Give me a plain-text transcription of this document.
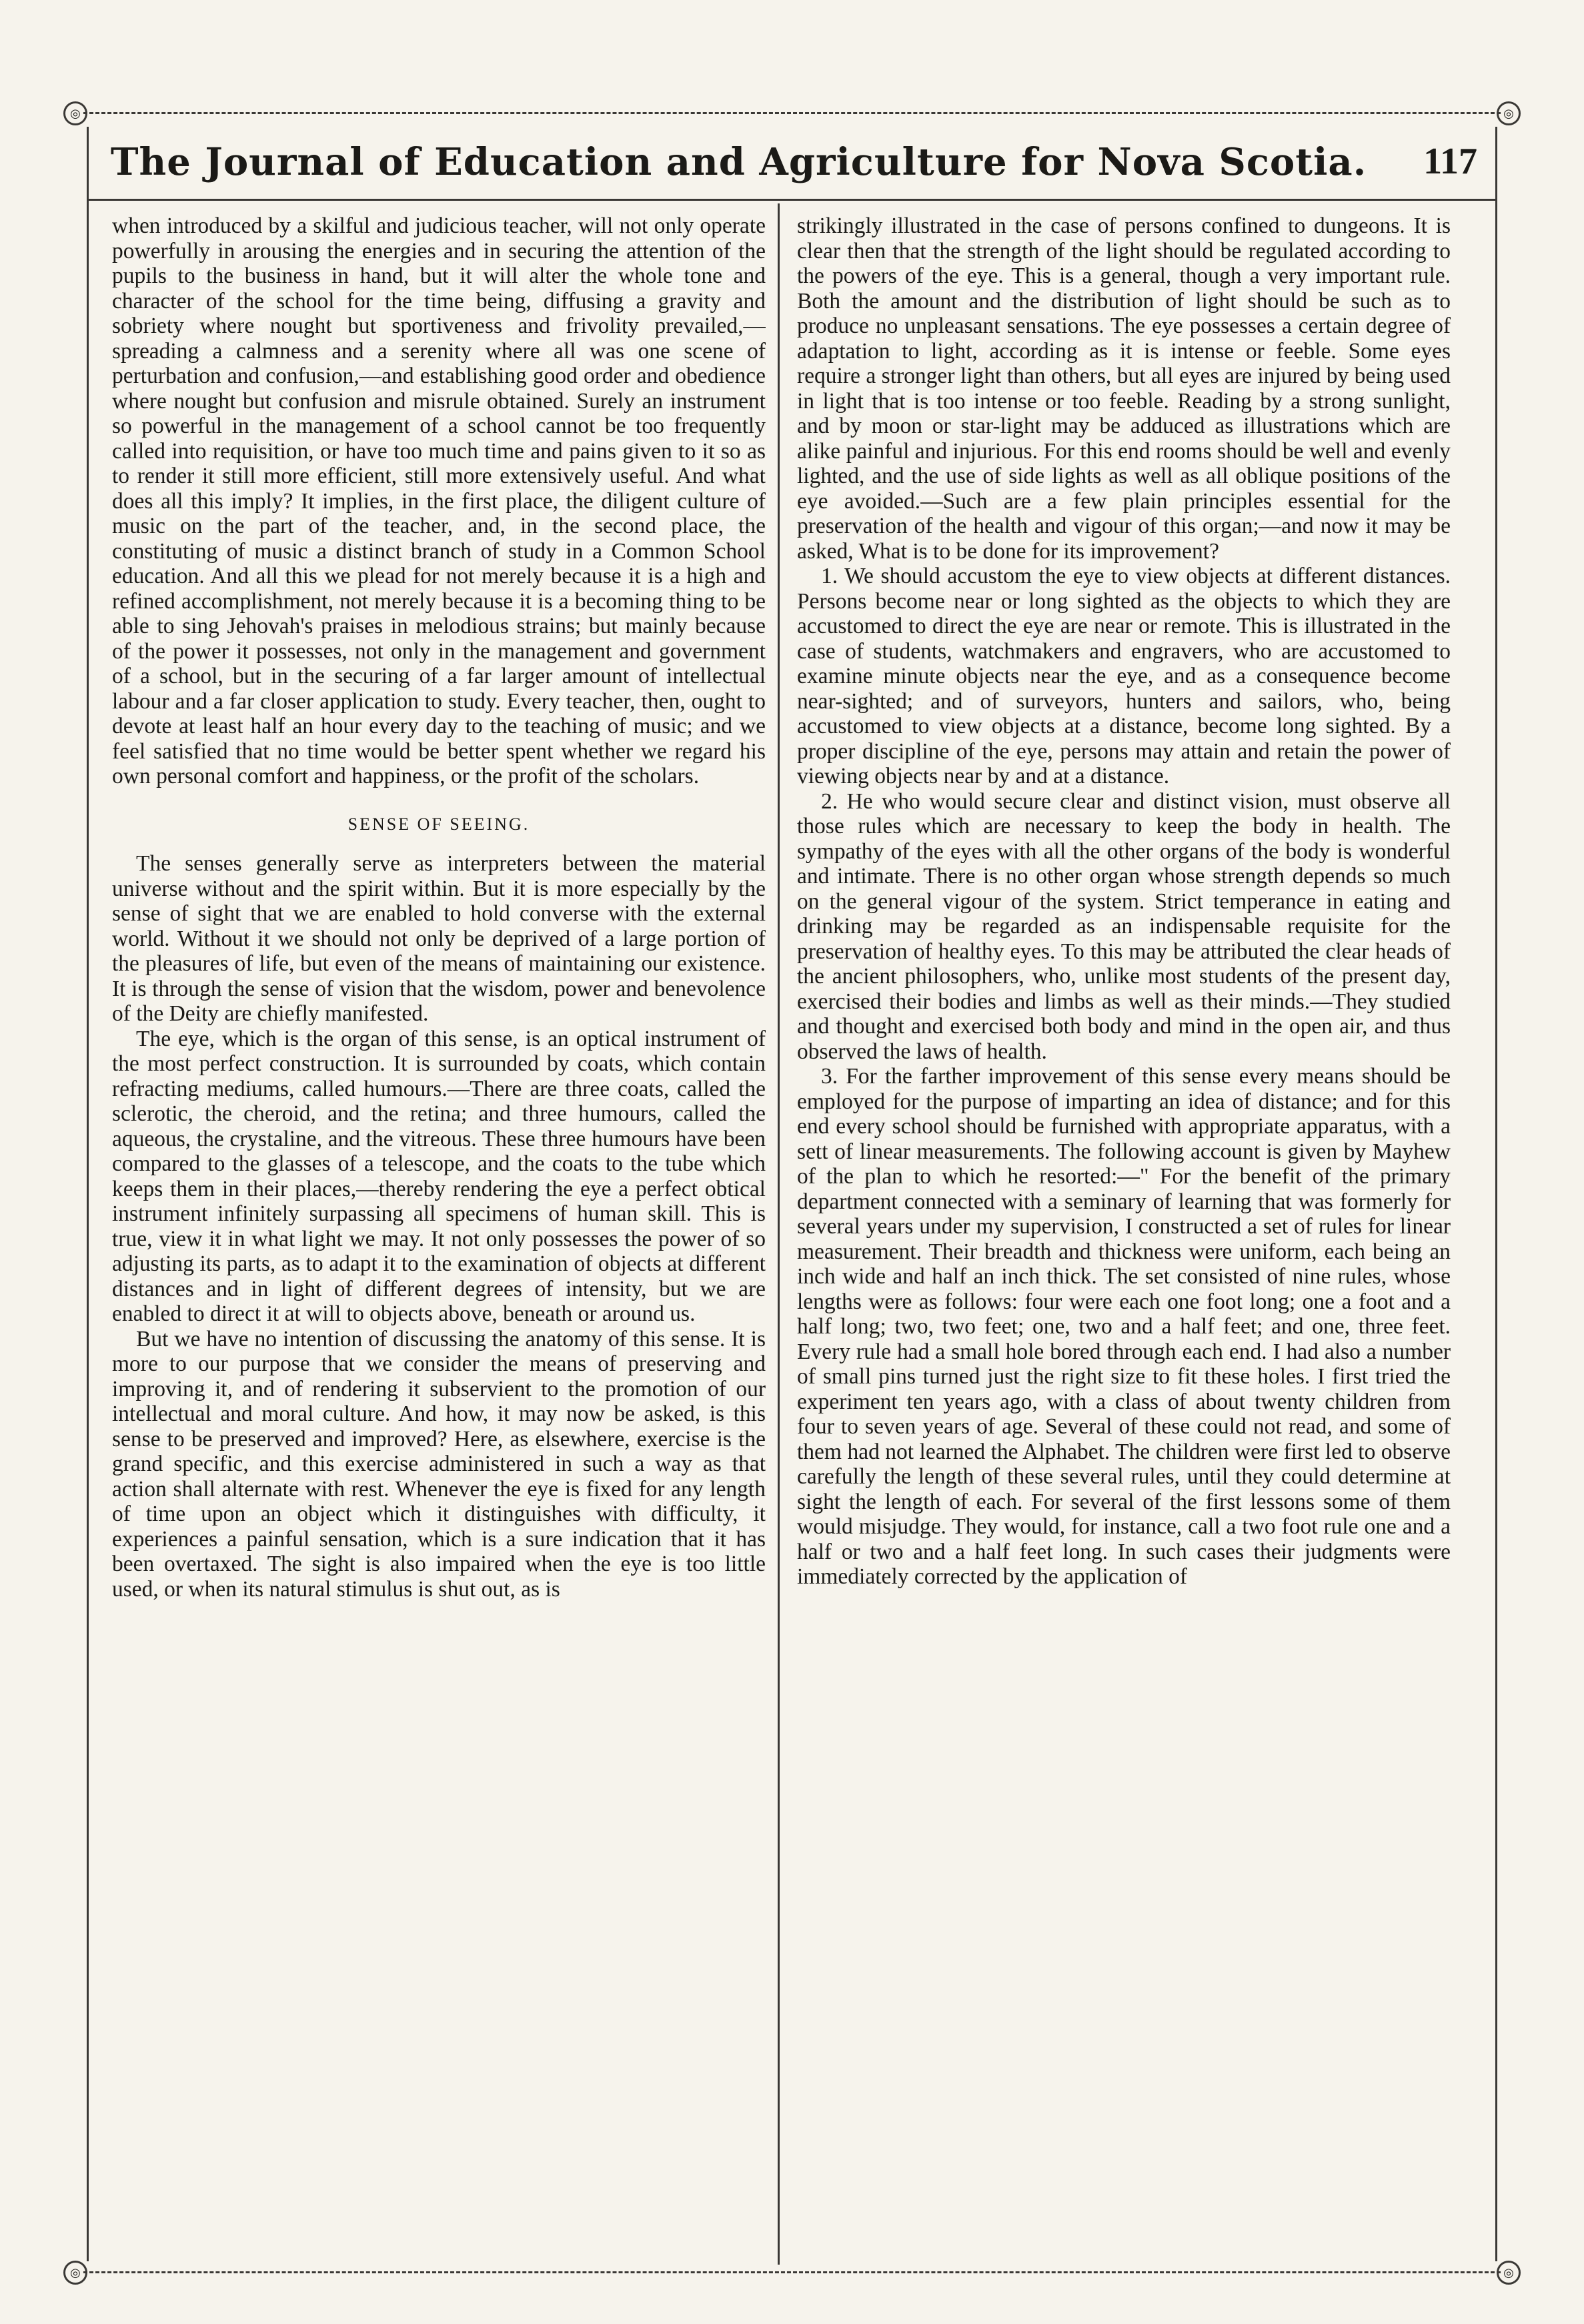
◎	◎
◎	◎
The Journal of Education and Agriculture for Nova Scotia.	117

when introduced by a skilful and judicious teacher, will not only operate powerfully in arousing the energies and in securing the attention of the pupils to the business in hand, but it will alter the whole tone and character of the school for the time being, diffusing a gravity and sobriety where nought but sportiveness and frivolity prevailed,—spreading a calmness and a serenity where all was one scene of perturbation and confusion,—and establishing good order and obedience where nought but confusion and misrule obtained. Surely an instrument so powerful in the management of a school cannot be too frequently called into requisition, or have too much time and pains given to it so as to render it still more efficient, still more extensively useful. And what does all this imply? It implies, in the first place, the diligent culture of music on the part of the teacher, and, in the second place, the constituting of music a distinct branch of study in a Common School education. And all this we plead for not merely because it is a high and refined accomplishment, not merely because it is a becoming thing to be able to sing Jehovah's praises in melodious strains; but mainly because of the power it possesses, not only in the management and government of a school, but in the securing of a far larger amount of intellectual labour and a far closer application to study. Every teacher, then, ought to devote at least half an hour every day to the teaching of music; and we feel satisfied that no time would be better spent whether we regard his own personal comfort and happiness, or the profit of the scholars.

SENSE OF SEEING.

The senses generally serve as interpreters between the material universe without and the spirit within. But it is more especially by the sense of sight that we are enabled to hold converse with the external world. Without it we should not only be deprived of a large portion of the pleasures of life, but even of the means of maintaining our existence. It is through the sense of vision that the wisdom, power and benevolence of the Deity are chiefly manifested.

The eye, which is the organ of this sense, is an optical instrument of the most perfect construction. It is surrounded by coats, which contain refracting mediums, called humours.—There are three coats, called the sclerotic, the cheroid, and the retina; and three humours, called the aqueous, the crystaline, and the vitreous. These three humours have been compared to the glasses of a telescope, and the coats to the tube which keeps them in their places,—thereby rendering the eye a perfect obtical instrument infinitely surpassing all specimens of human skill. This is true, view it in what light we may. It not only possesses the power of so adjusting its parts, as to adapt it to the examination of objects at different distances and in light of different degrees of intensity, but we are enabled to direct it at will to objects above, beneath or around us.

But we have no intention of discussing the anatomy of this sense. It is more to our purpose that we consider the means of preserving and improving it, and of rendering it subservient to the promotion of our intellectual and moral culture. And how, it may now be asked, is this sense to be preserved and improved? Here, as elsewhere, exercise is the grand specific, and this exercise administered in such a way as that action shall alternate with rest. Whenever the eye is fixed for any length of time upon an object which it distinguishes with difficulty, it experiences a painful sensation, which is a sure indication that it has been overtaxed. The sight is also impaired when the eye is too little used, or when its natural stimulus is shut out, as is

strikingly illustrated in the case of persons confined to dungeons. It is clear then that the strength of the light should be regulated according to the powers of the eye. This is a general, though a very important rule. Both the amount and the distribution of light should be such as to produce no unpleasant sensations. The eye possesses a certain degree of adaptation to light, according as it is intense or feeble. Some eyes require a stronger light than others, but all eyes are injured by being used in light that is too intense or too feeble. Reading by a strong sunlight, and by moon or star-light may be adduced as illustrations which are alike painful and injurious. For this end rooms should be well and evenly lighted, and the use of side lights as well as all oblique positions of the eye avoided.—Such are a few plain principles essential for the preservation of the health and vigour of this organ;—and now it may be asked, What is to be done for its improvement?

1. We should accustom the eye to view objects at different distances. Persons become near or long sighted as the objects to which they are accustomed to direct the eye are near or remote. This is illustrated in the case of students, watchmakers and engravers, who are accustomed to examine minute objects near the eye, and as a consequence become near-sighted; and of surveyors, hunters and sailors, who, being accustomed to view objects at a distance, become long sighted. By a proper discipline of the eye, persons may attain and retain the power of viewing objects near by and at a distance.

2. He who would secure clear and distinct vision, must observe all those rules which are necessary to keep the body in health. The sympathy of the eyes with all the other organs of the body is wonderful and intimate. There is no other organ whose strength depends so much on the general vigour of the system. Strict temperance in eating and drinking may be regarded as an indispensable requisite for the preservation of healthy eyes. To this may be attributed the clear heads of the ancient philosophers, who, unlike most students of the present day, exercised their bodies and limbs as well as their minds.—They studied and thought and exercised both body and mind in the open air, and thus observed the laws of health.

3. For the farther improvement of this sense every means should be employed for the purpose of imparting an idea of distance; and for this end every school should be furnished with appropriate apparatus, with a sett of linear measurements. The following account is given by Mayhew of the plan to which he resorted:—" For the benefit of the primary department connected with a seminary of learning that was formerly for several years under my supervision, I constructed a set of rules for linear measurement. Their breadth and thickness were uniform, each being an inch wide and half an inch thick. The set consisted of nine rules, whose lengths were as follows: four were each one foot long; one a foot and a half long; two, two feet; one, two and a half feet; and one, three feet. Every rule had a small hole bored through each end. I had also a number of small pins turned just the right size to fit these holes. I first tried the experiment ten years ago, with a class of about twenty children from four to seven years of age. Several of these could not read, and some of them had not learned the Alphabet. The children were first led to observe carefully the length of these several rules, until they could determine at sight the length of each. For several of the first lessons some of them would misjudge. They would, for instance, call a two foot rule one and a half or two and a half feet long. In such cases their judgments were immediately corrected by the application of
